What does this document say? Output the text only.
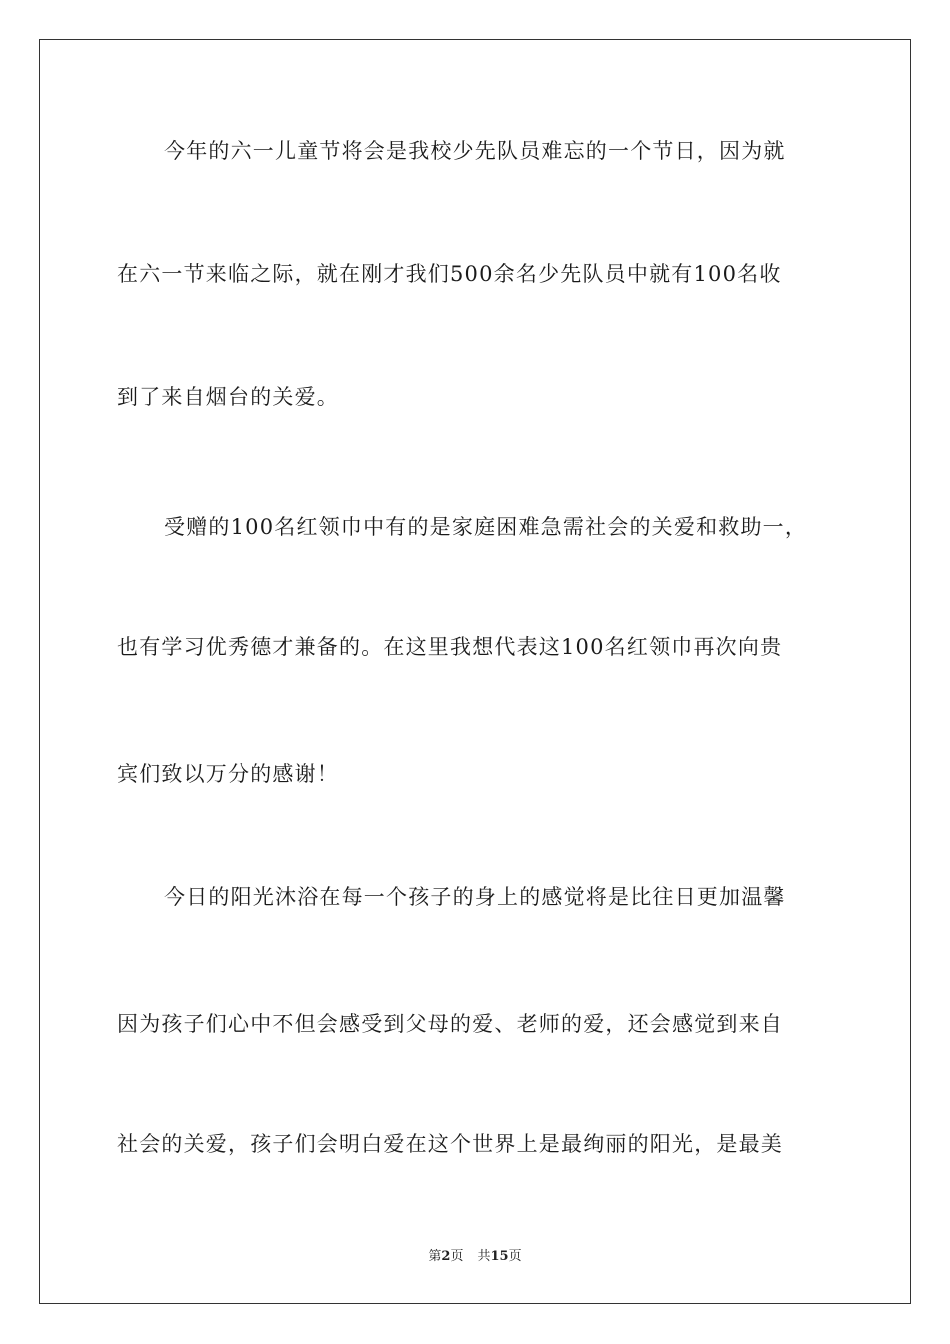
今年的六一儿童节将会是我校少先队员难忘的一个节日，因为就
在六一节来临之际，就在刚才我们500余名少先队员中就有100名收
到了来自烟台的关爱。
受赠的100名红领巾中有的是家庭困难急需社会的关爱和救助一，
也有学习优秀德才兼备的。在这里我想代表这100名红领巾再次向贵
宾们致以万分的感谢！
今日的阳光沐浴在每一个孩子的身上的感觉将是比往日更加温馨
因为孩子们心中不但会感受到父母的爱、老师的爱，还会感觉到来自
社会的关爱，孩子们会明白爱在这个世界上是最绚丽的阳光，是最美
第2页 共15页
